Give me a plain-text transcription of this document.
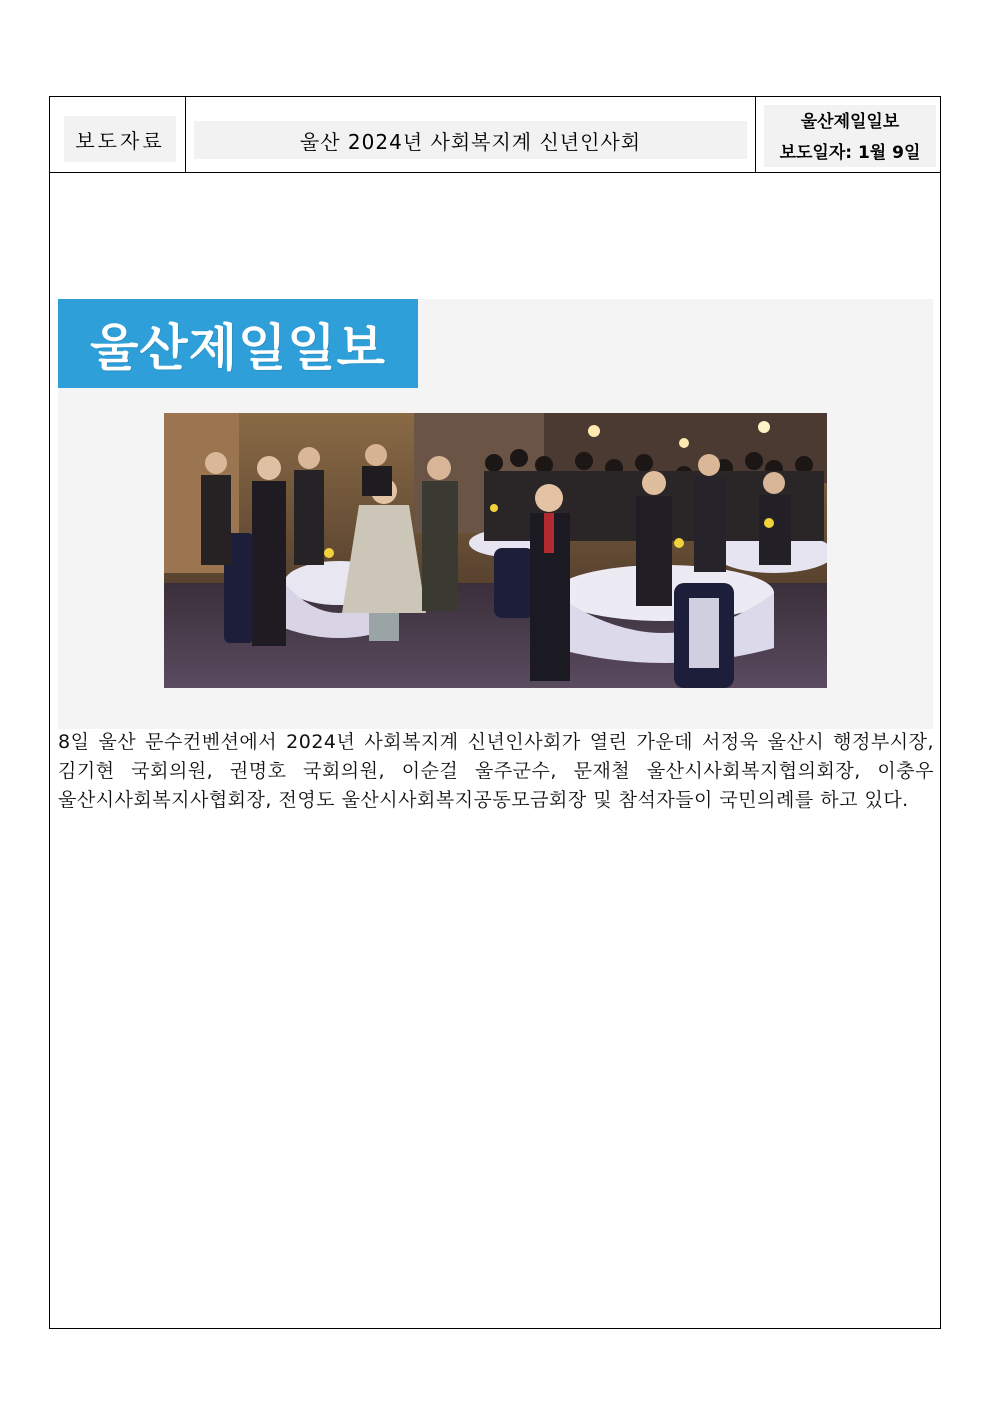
보도자료	울산 2024년 사회복지계 신년인사회
울산제일일보
보도일자: 1월 9일
울산제일일보
8일 울산 문수컨벤션에서 2024년 사회복지계 신년인사회가 열린 가운데 서정욱 울산시 행정부시장, 김기현 국회의원, 권명호 국회의원, 이순걸 울주군수, 문재철 울산시사회복지협의회장, 이충우 울산시사회복지사협회장, 전영도 울산시사회복지공동모금회장 및 참석자들이 국민의례를 하고 있다.
